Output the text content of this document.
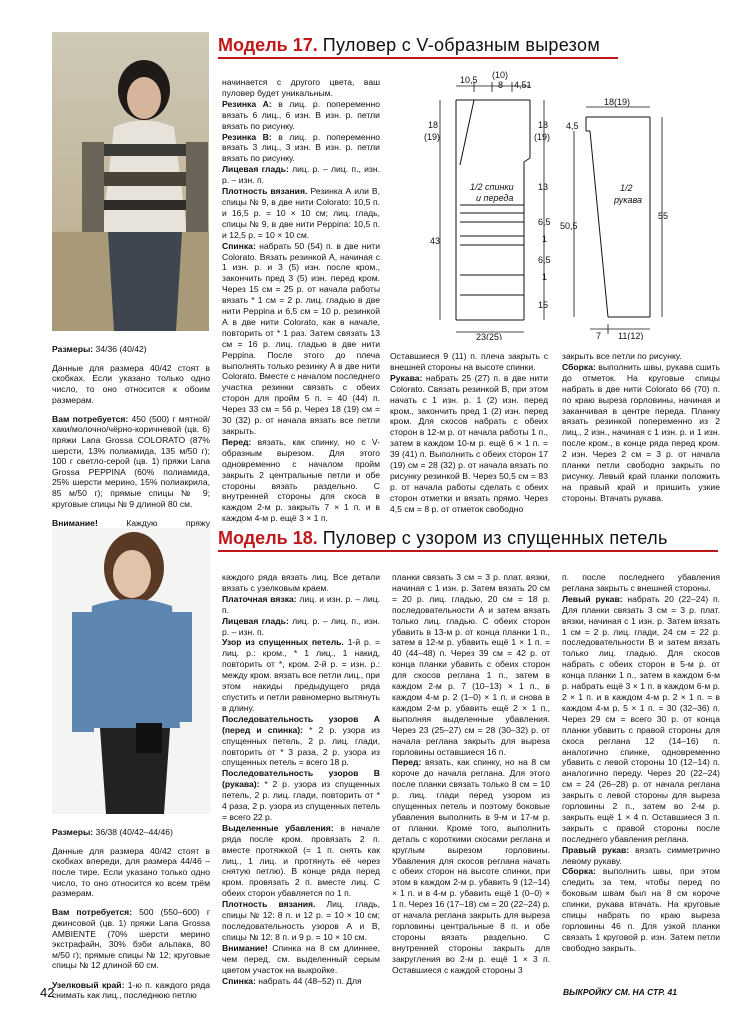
Модель 17. Пуловер с V-образным вырезом

Размеры: 34/36 (40/42)

Данные для размера 40/42 стоят в скобках. Если указано только одно число, то оно относится к обоим размерам.

Вам потребуется: 450 (500) г мятной/хаки/молочно/чёрно-коричневой (цв. 6) пряжи Lana Grossa COLORATO (87% шерсти, 13% полиамида, 135 м/50 г); 100 г светло-серой (цв. 1) пряжи Lana Grossa PEPPINA (60% полиамида, 25% шерсти мерино, 15% полиакрила, 85 м/50 г); прямые спицы № 9; круговые спицы № 9 длиной 80 см.

Внимание!	Каждую пряжу

начинается с другого цвета, ваш пуловер будет уникальным.

Резинка А: в лиц. р. попеременно вязать 6 лиц., 6 изн. В изн. р. петли вязать по рисунку.

Резинка В: в лиц. р. попеременно вязать 3 лиц., 3 изн. В изн. р. петли вязать по рисунку.

Лицевая гладь: лиц. р. – лиц. п., изн. р. – изн. п.

Плотность вязания. Резинка А или В, спицы № 9, в две нити Colorato: 10,5 п. и 16,5 р. = 10 × 10 см; лиц. гладь, спицы № 9, в две нити Peppina: 10,5 п. и 12,5 р. = 10 × 10 см.

Спинка: набрать 50 (54) п. в две нити Colorato. Вязать резинкой А, начиная с 1 изн. р. и 3 (5) изн. после кром., закончить пред 3 (5) изн. перед кром. Через 15 см = 25 р. от начала работы вязать * 1 см = 2 р. лиц. гладью в две нити Peppina и 6,5 см = 10 р. резинкой А в две нити Colorato, как в начале, повторить от * 1 раз. Затем связать 13 см = 16 р. лиц. гладью в две нити Peppina. После этого до плеча выполнять только резинку А в две нити Colorato. Вместе с началом последнего участка резинки связать с обеих сторон для пройм 5 п. = 40 (44) п. Через 33 см = 56 р. Через 18 (19) см = 30 (32) р. от начала вязать все петли закрыть.

Перед: вязать, как спинку, но с V-образным вырезом. Для этого одновременно с началом пройм закрыть 2 центральные петли и обе стороны вязать раздельно. С внутренней стороны для скоса в каждом 2-м р. закрыть 7 × 1 п. и в каждом 4-м р. ещё 3 × 1 п.

10,5 (10)
8 4,51
18
(19)
43
18
(19)
13
6,5
1
6,5
1
15
1/2 спинки
и переда
23(25)
18(19)
4,5
50,5
55
1/2
рукава
7 11(12)

Оставшиеся 9 (11) п. плеча закрыть с внешней стороны на высоте спинки.

Рукава: набрать 25 (27) п. в две нити Colorato. Связать резинкой В, при этом начать с 1 изн. р. 1 (2) изн. перед кром., закончить пред 1 (2) изн. перед кром. Для скосов набрать с обеих сторон в 12-м р. от начала работы 1 п., затем в каждом 10-м р. ещё 6 × 1 п. = 39 (41) п. Выполнить с обеих сторон 17 (19) см = 28 (32) р. от начала вязать по рисунку резинкой В. Через 50,5 см = 83 р. от начала работы сделать с обеих сторон отметки и вязать прямо. Через 4,5 см = 8 р. от отметок свободно

закрыть все петли по рисунку.

Сборка: выполнить швы, рукава сшить до отметок. На круговые спицы набрать в две нити Colorato 66 (70) п. по краю выреза горловины, начиная и заканчивая в центре переда. Планку вязать резинкой попеременно из 2 лиц., 2 изн., начиная с 1 изн. р. и 1 изн. после кром., в конце ряда перед кром. 2 изн. Через 2 см = 3 р. от начала планки петли свободно закрыть по рисунку. Левый край планки положить на правый край и пришить узкие стороны. Втачать рукава.

Модель 18. Пуловер с узором из спущенных петель

Размеры: 36/38 (40/42–44/46)

Данные для размера 40/42 стоят в скобках впереди, для размера 44/46 – после тире. Если указано только одно число, то оно относится ко всем трём размерам.

Вам потребуется: 500 (550–600) г джинсовой (цв. 1) пряжи Lana Grossa AMBIENTE (70% шерсти мерино экстрафайн, 30% бэби альпака, 80 м/50 г); прямые спицы № 12; круговые спицы № 12 длиной 60 см.

Узелковый край: 1-ю п. каждого ряда снимать как лиц., последнюю петлю

каждого ряда вязать лиц. Все детали вязать с узелковым краем.

Платочная вязка: лиц. и изн. р. – лиц. п.

Лицевая гладь: лиц. р. – лиц. п., изн. р. – изн. п.

Узор из спущенных петель. 1-й р. = лиц. р.: кром., * 1 лиц., 1 накид, повторить от *, кром. 2-й р. = изн. р.: между кром. вязать все петли лиц., при этом накиды предыдущего ряда спустить и петли равномерно вытянуть в длину.

Последовательность узоров А (перед и спинка): * 2 р. узора из спущенных петель, 2 р. лиц. глади, повторить от * 3 раза, 2 р. узора из спущенных петель = всего 18 р.

Последовательность узоров В (рукава): * 2 р. узора из спущенных петель, 2 р. лиц. глади, повторить от * 4 раза, 2 р. узора из спущенных петель = всего 22 р.

Выделенные убавления: в начале ряда после кром. провязать 2 п. вместе протяжкой (= 1 п. снять как лиц., 1 лиц. и протянуть её через снятую петлю). В конце ряда перед кром. провязать 2 п. вместе лиц. С обеих сторон убавляется по 1 п.

Плотность вязания. Лиц. гладь, спицы № 12: 8 п. и 12 р. = 10 × 10 см; последовательность узоров А и В, спицы № 12: 8 п. и 9 р. = 10 × 10 см.

Внимание! Спинка на 8 см длиннее, чем перед, см. выделенный серым цветом участок на выкройке.

Спинка: набрать 44 (48–52) п. Для

планки связать 3 см = 3 р. плат. вязки, начиная с 1 изн. р. Затем вязать 20 см = 20 р. лиц. гладью, 20 см = 18 р. последовательности А и затем вязать только лиц. гладью. С обеих сторон убавить в 13-м р. от конца планки 1 п., затем в 12-м р. убавить ещё 1 × 1 п. = 40 (44–48) п. Через 39 см = 42 р. от конца планки убавить с обеих сторон для скосов реглана 1 п., затем в каждом 2-м р. 7 (10–13) × 1 п., в каждом 4-м р. 2 (1–0) × 1 п. и снова в каждом 2-м р. убавить ещё 2 × 1 п., выполняя выделенные убавления. Через 23 (25–27) см = 28 (30–32) р. от начала реглана закрыть для выреза горловины оставшиеся 16 п.

Перед: вязать, как спинку, но на 8 см короче до начала реглана. Для этого после планки связать только 8 см = 10 р. лиц. глади перед узором из спущенных петель и поэтому боковые убавления выполнить в 9-м и 17-м р. от планки. Кроме того, выполнить деталь с короткими скосами реглана и круглым вырезом горловины. Убавления для скосов реглана начать с обеих сторон на высоте спинки, при этом в каждом 2-м р. убавить 9 (12–14) × 1 п. и в 4-м р. убавить ещё 1 (0–0) × 1 п. Через 16 (17–18) см = 20 (22–24) р. от начала реглана закрыть для выреза горловины центральные 8 п. и обе стороны вязать раздельно. С внутренней стороны закрыть для закругления во 2-м р. ещё 1 × 3 п. Оставшиеся с каждой стороны 3

п. после последнего убавления реглана закрыть с внешней стороны.

Левый рукав: набрать 20 (22–24) п. Для планки связать 3 см = 3 р. плат. вязки, начиная с 1 изн. р. Затем вязать 1 см = 2 р. лиц. глади, 24 см = 22 р. последовательности В и затем вязать только лиц. гладью. Для скосов набрать с обеих сторон в 5-м р. от конца планки 1 п., затем в каждом 6-м р. набрать ещё 3 × 1 п. в каждом 6-м р. 2 × 1 п. и в каждом 4-м р. 2 × 1 п. = в каждом 4-м р. 5 × 1 п. = 30 (32–36) п. Через 29 см = всего 30 р. от конца планки убавить с правой стороны для скоса реглана 12 (14–16) п. аналогично спинке, одновременно убавить с левой стороны 10 (12–14) п. аналогично переду. Через 20 (22–24) см = 24 (26–28) р. от начала реглана закрыть с левой стороны для выреза горловины 2 п., затем во 2-м р. закрыть ещё 1 × 4 п. Оставшиеся 3 п. закрыть с правой стороны после последнего убавления реглана.

Правый рукав: вязать симметрично левому рукаву.

Сборка: выполнить швы, при этом следить за тем, чтобы перед по боковым швам был на 8 см короче спинки, рукава втачать. На круговые спицы набрать по краю выреза горловины 46 п. Для узкой планки связать 1 круговой р. изн. Затем петли свободно закрыть.

ВЫКРОЙКУ СМ. НА СТР. 41
42
